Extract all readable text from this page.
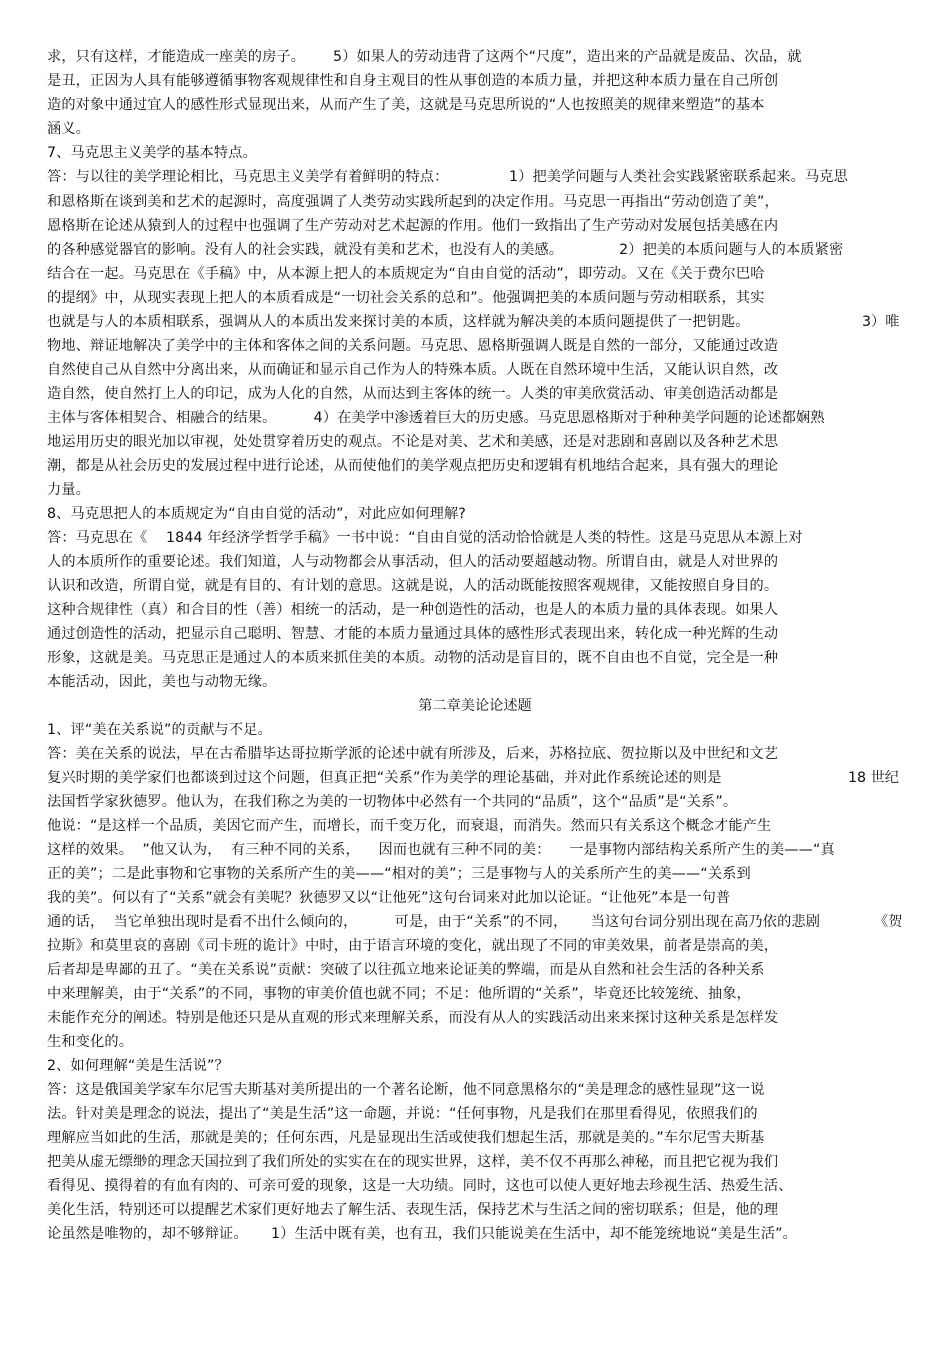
求，只有这样，才能造成一座美的房子。      5）如果人的劳动违背了这两个“尺度”，造出来的产品就是废品、次品，就
是丑，正因为人具有能够遵循事物客观规律性和自身主观目的性从事创造的本质力量，并把这种本质力量在自己所创
造的对象中通过宜人的感性形式显现出来，从而产生了美，这就是马克思所说的“人也按照美的规律来塑造”的基本
涵义。
7、马克思主义美学的基本特点。
答：与以往的美学理论相比，马克思主义美学有着鲜明的特点：             1）把美学问题与人类社会实践紧密联系起来。马克思
和恩格斯在谈到美和艺术的起源时，高度强调了人类劳动实践所起到的决定作用。马克思一再指出“劳动创造了美”，
恩格斯在论述从猿到人的过程中也强调了生产劳动对艺术起源的作用。他们一致指出了生产劳动对发展包括美感在内
的各种感觉器官的影响。没有人的社会实践，就没有美和艺术，也没有人的美感。            2）把美的本质问题与人的本质紧密
结合在一起。马克思在《手稿》中，从本源上把人的本质规定为“自由自觉的活动”，即劳动。又在《关于费尔巴哈
的提纲》中，从现实表现上把人的本质看成是“一切社会关系的总和”。他强调把美的本质问题与劳动相联系，其实
也就是与人的本质相联系，强调从人的本质出发来探讨美的本质，这样就为解决美的本质问题提供了一把钥匙。	3）唯
物地、辩证地解决了美学中的主体和客体之间的关系问题。马克思、恩格斯强调人既是自然的一部分，又能通过改造
自然使自己从自然中分离出来，从而确证和显示自己作为人的特殊本质。人既在自然环境中生活，又能认识自然，改
造自然，使自然打上人的印记，成为人化的自然，从而达到主客体的统一。人类的审美欣赏活动、审美创造活动都是
主体与客体相契合、相融合的结果。        4）在美学中渗透着巨大的历史感。马克思恩格斯对于种种美学问题的论述都娴熟
地运用历史的眼光加以审视，处处贯穿着历史的观点。不论是对美、艺术和美感，还是对悲剧和喜剧以及各种艺术思
潮，都是从社会历史的发展过程中进行论述，从而使他们的美学观点把历史和逻辑有机地结合起来，具有强大的理论
力量。
8、马克思把人的本质规定为“自由自觉的活动”，对此应如何理解?
答：马克思在《    1844 年经济学哲学手稿》一书中说：“自由自觉的活动恰恰就是人类的特性。这是马克思从本源上对
人的本质所作的重要论述。我们知道，人与动物都会从事活动，但人的活动要超越动物。所谓自由，就是人对世界的
认识和改造，所谓自觉，就是有目的、有计划的意思。这就是说，人的活动既能按照客观规律，又能按照自身目的。
这种合规律性（真）和合目的性（善）相统一的活动，是一种创造性的活动，也是人的本质力量的具体表现。如果人
通过创造性的活动，把显示自己聪明、智慧、才能的本质力量通过具体的感性形式表现出来，转化成一种光辉的生动
形象，这就是美。马克思正是通过人的本质来抓住美的本质。动物的活动是盲目的，既不自由也不自觉，完全是一种
本能活动，因此，美也与动物无缘。
第二章美论论述题
1、评“美在关系说”的贡献与不足。
答：美在关系的说法，早在古希腊毕达哥拉斯学派的论述中就有所涉及，后来，苏格拉底、贺拉斯以及中世纪和文艺
复兴时期的美学家们也都谈到过这个问题，但真正把“关系”作为美学的理论基础，并对此作系统论述的则是	18 世纪
法国哲学家狄德罗。他认为，在我们称之为美的一切物体中必然有一个共同的“品质”，这个“品质”是“关系”。
他说：“是这样一个品质，美因它而产生，而增长，而千变万化，而衰退，而消失。然而只有关系这个概念才能产生
这样的效果。  ”他又认为，  有三种不同的关系，    因而也就有三种不同的美：    一是事物内部结构关系所产生的美——“真
正的美”；二是此事物和它事物的关系所产生的美——“相对的美”；三是事物与人的关系所产生的美——“关系到
我的美”。何以有了“关系”就会有美呢？狄德罗又以“让他死”这句台词来对此加以论证。“让他死”本是一句普
通的话，  当它单独出现时是看不出什么倾向的，        可是，由于“关系”的不同，     当这句台词分别出现在高乃依的悲剧	《贺
拉斯》和莫里哀的喜剧《司卡班的诡计》中时，由于语言环境的变化，就出现了不同的审美效果，前者是崇高的美，
后者却是卑鄙的丑了。“美在关系说”贡献：突破了以往孤立地来论证美的弊端，而是从自然和社会生活的各种关系
中来理解美，由于“关系”的不同，事物的审美价值也就不同；不足：他所谓的“关系”，毕竟还比较笼统、抽象，
未能作充分的阐述。特别是他还只是从直观的形式来理解关系，而没有从人的实践活动出来来探讨这种关系是怎样发
生和变化的。
2、如何理解“美是生活说”？
答：这是俄国美学家车尔尼雪夫斯基对美所提出的一个著名论断，他不同意黑格尔的“美是理念的感性显现”这一说
法。针对美是理念的说法，提出了“美是生活”这一命题，并说：“任何事物，凡是我们在那里看得见，依照我们的
理解应当如此的生活，那就是美的；任何东西，凡是显现出生活或使我们想起生活，那就是美的。”车尔尼雪夫斯基
把美从虚无缥缈的理念天国拉到了我们所处的实实在在的现实世界，这样，美不仅不再那么神秘，而且把它视为我们
看得见、摸得着的有血有肉的、可亲可爱的现象，这是一大功绩。同时，这也可以使人更好地去珍视生活、热爱生活、
美化生活，特别还可以提醒艺术家们更好地去了解生活、表现生活，保持艺术与生活之间的密切联系；但是，他的理
论虽然是唯物的，却不够辩证。     1）生活中既有美，也有丑，我们只能说美在生活中，却不能笼统地说“美是生活”。
